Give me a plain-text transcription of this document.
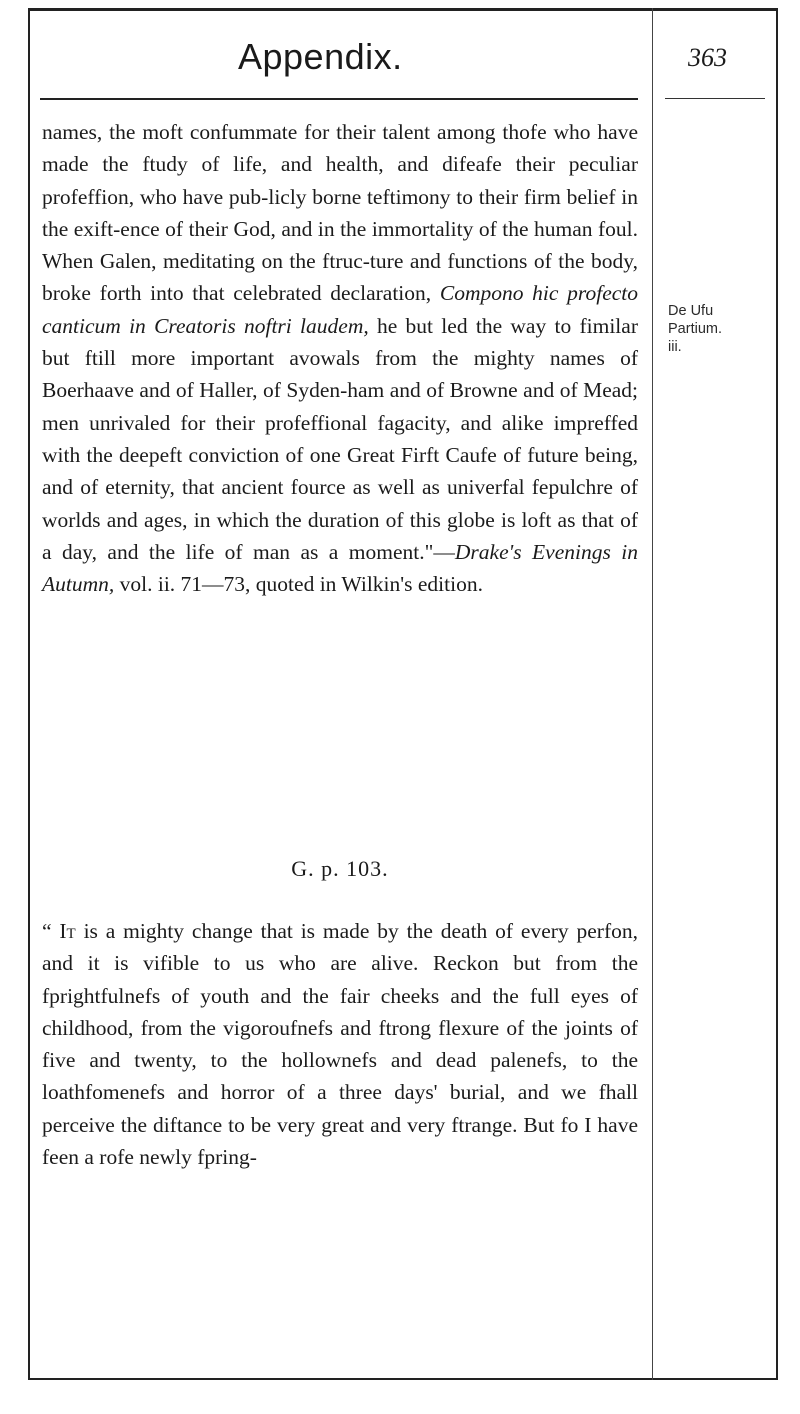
Appendix.	363
De Ufu
Partium.
iii.

names, the moft confummate for their talent among thofe who have made the ftudy of life, and health, and difeafe their peculiar profeffion, who have pub-licly borne teftimony to their firm belief in the exift-ence of their God, and in the immortality of the human foul. When Galen, meditating on the ftruc-ture and functions of the body, broke forth into that celebrated declaration, Compono hic profecto canticum in Creatoris noftri laudem, he but led the way to fimilar but ftill more important avowals from the mighty names of Boerhaave and of Haller, of Syden-ham and of Browne and of Mead; men unrivaled for their profeffional fagacity, and alike impreffed with the deepeft conviction of one Great Firft Caufe of future being, and of eternity, that ancient fource as well as univerfal fepulchre of worlds and ages, in which the duration of this globe is loft as that of a day, and the life of man as a moment."—Drake's Evenings in Autumn, vol. ii. 71—73, quoted in Wilkin's edition.

G. p. 103.

“ It is a mighty change that is made by the death of every perfon, and it is vifible to us who are alive. Reckon but from the fprightfulnefs of youth and the fair cheeks and the full eyes of childhood, from the vigoroufnefs and ftrong flexure of the joints of five and twenty, to the hollownefs and dead palenefs, to the loathfomenefs and horror of a three days' burial, and we fhall perceive the diftance to be very great and very ftrange. But fo I have feen a rofe newly fpring-
